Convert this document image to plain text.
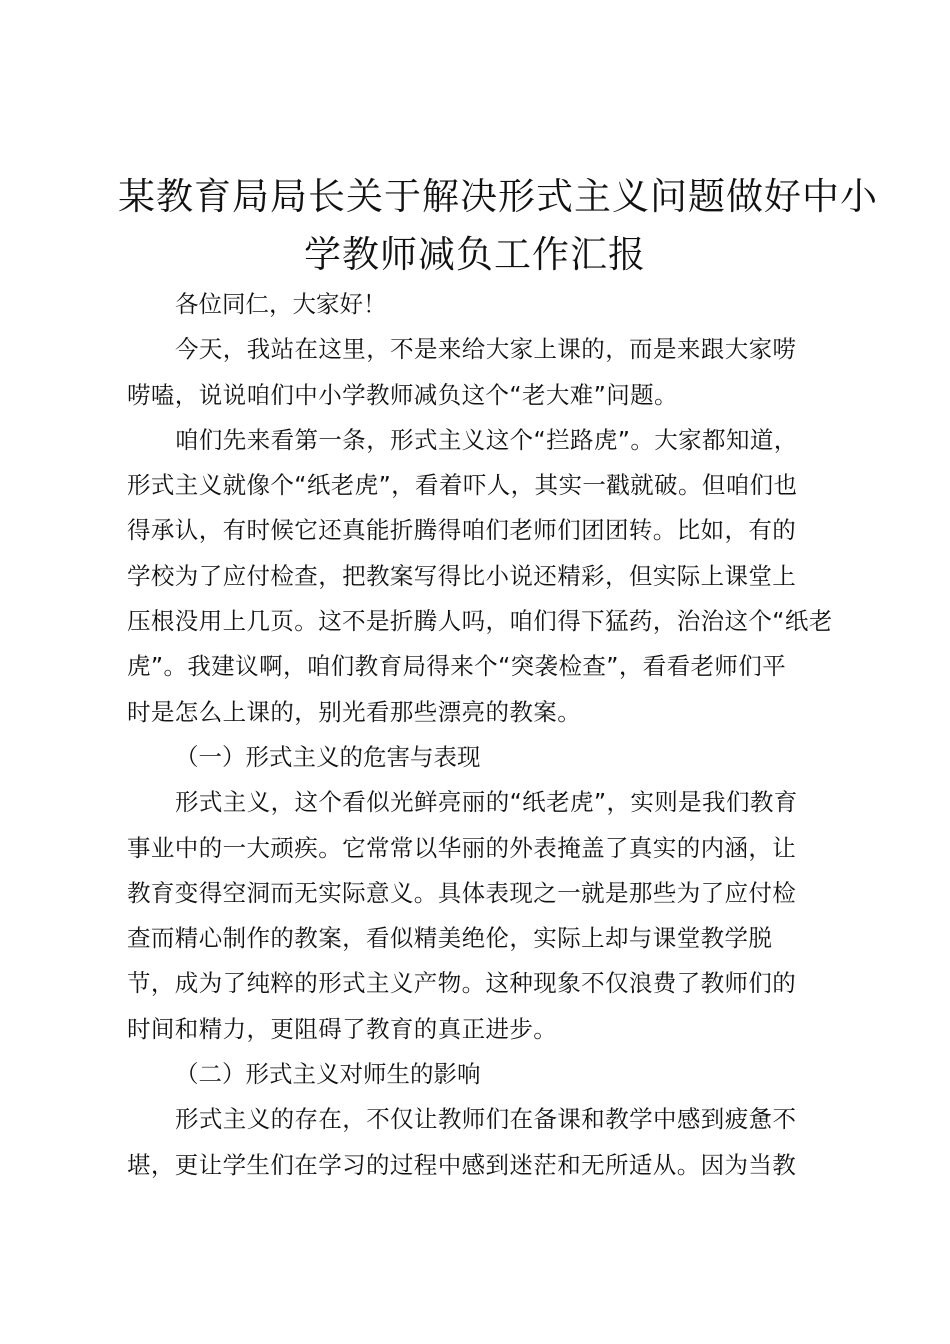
某教育局局长关于解决形式主义问题做好中小
学教师减负工作汇报

各位同仁，大家好！

今天，我站在这里，不是来给大家上课的，而是来跟大家唠
唠嗑，说说咱们中小学教师减负这个“老大难”问题。

咱们先来看第一条，形式主义这个“拦路虎”。大家都知道，
形式主义就像个“纸老虎”，看着吓人，其实一戳就破。但咱们也
得承认，有时候它还真能折腾得咱们老师们团团转。比如，有的
学校为了应付检查，把教案写得比小说还精彩，但实际上课堂上
压根没用上几页。这不是折腾人吗，咱们得下猛药，治治这个“纸老
虎”。我建议啊，咱们教育局得来个“突袭检查”，看看老师们平
时是怎么上课的，别光看那些漂亮的教案。

（一）形式主义的危害与表现

形式主义，这个看似光鲜亮丽的“纸老虎”，实则是我们教育
事业中的一大顽疾。它常常以华丽的外表掩盖了真实的内涵，让
教育变得空洞而无实际意义。具体表现之一就是那些为了应付检
查而精心制作的教案，看似精美绝伦，实际上却与课堂教学脱
节，成为了纯粹的形式主义产物。这种现象不仅浪费了教师们的
时间和精力，更阻碍了教育的真正进步。

（二）形式主义对师生的影响

形式主义的存在，不仅让教师们在备课和教学中感到疲惫不
堪，更让学生们在学习的过程中感到迷茫和无所适从。因为当教
